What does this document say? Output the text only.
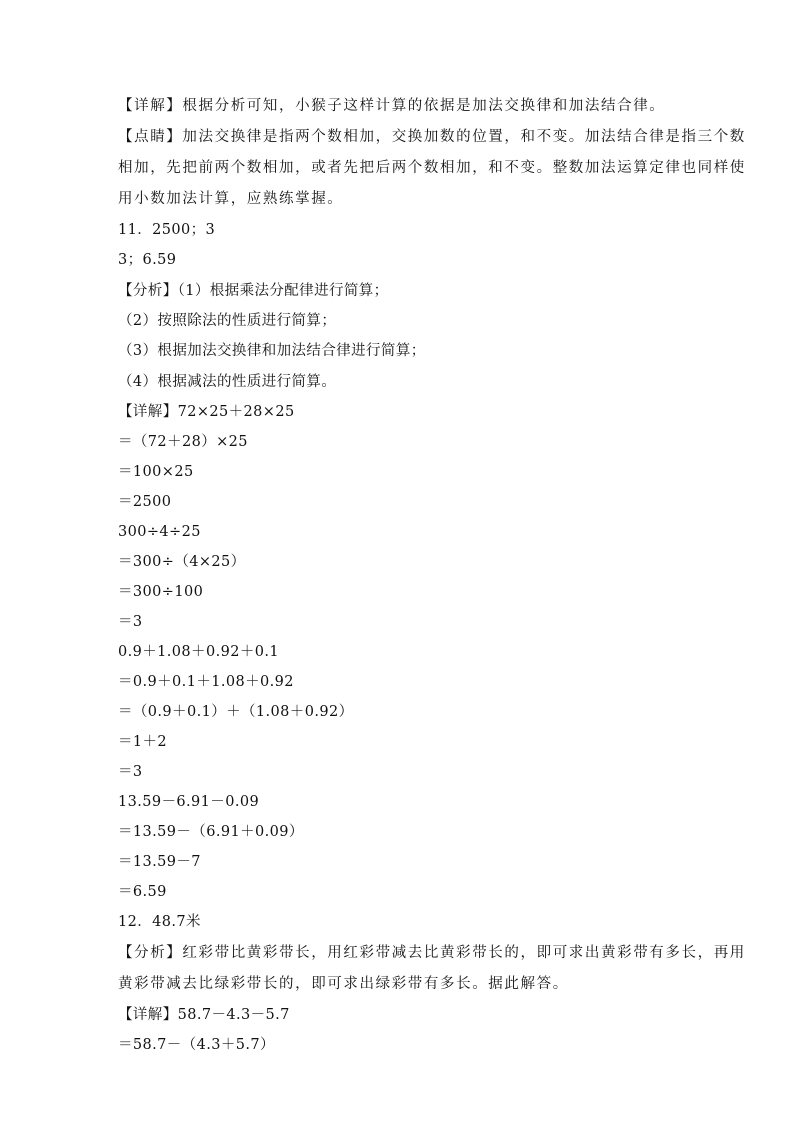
【详解】根据分析可知，小猴子这样计算的依据是加法交换律和加法结合律。
【点睛】加法交换律是指两个数相加，交换加数的位置，和不变。加法结合律是指三个数
相加，先把前两个数相加，或者先把后两个数相加，和不变。整数加法运算定律也同样使
用小数加法计算，应熟练掌握。
11．2500；3
3；6.59
【分析】（1）根据乘法分配律进行简算；
（2）按照除法的性质进行简算；
（3）根据加法交换律和加法结合律进行简算；
（4）根据减法的性质进行简算。
【详解】72×25＋28×25
＝（72＋28）×25
＝100×25
＝2500
300÷4÷25
＝300÷（4×25）
＝300÷100
＝3
0.9＋1.08＋0.92＋0.1
＝0.9＋0.1＋1.08＋0.92
＝（0.9＋0.1）＋（1.08＋0.92）
＝1＋2
＝3
13.59－6.91－0.09
＝13.59－（6.91＋0.09）
＝13.59－7
＝6.59
12．48.7米
【分析】红彩带比黄彩带长，用红彩带减去比黄彩带长的，即可求出黄彩带有多长，再用
黄彩带减去比绿彩带长的，即可求出绿彩带有多长。据此解答。
【详解】58.7－4.3－5.7
＝58.7－（4.3＋5.7）
